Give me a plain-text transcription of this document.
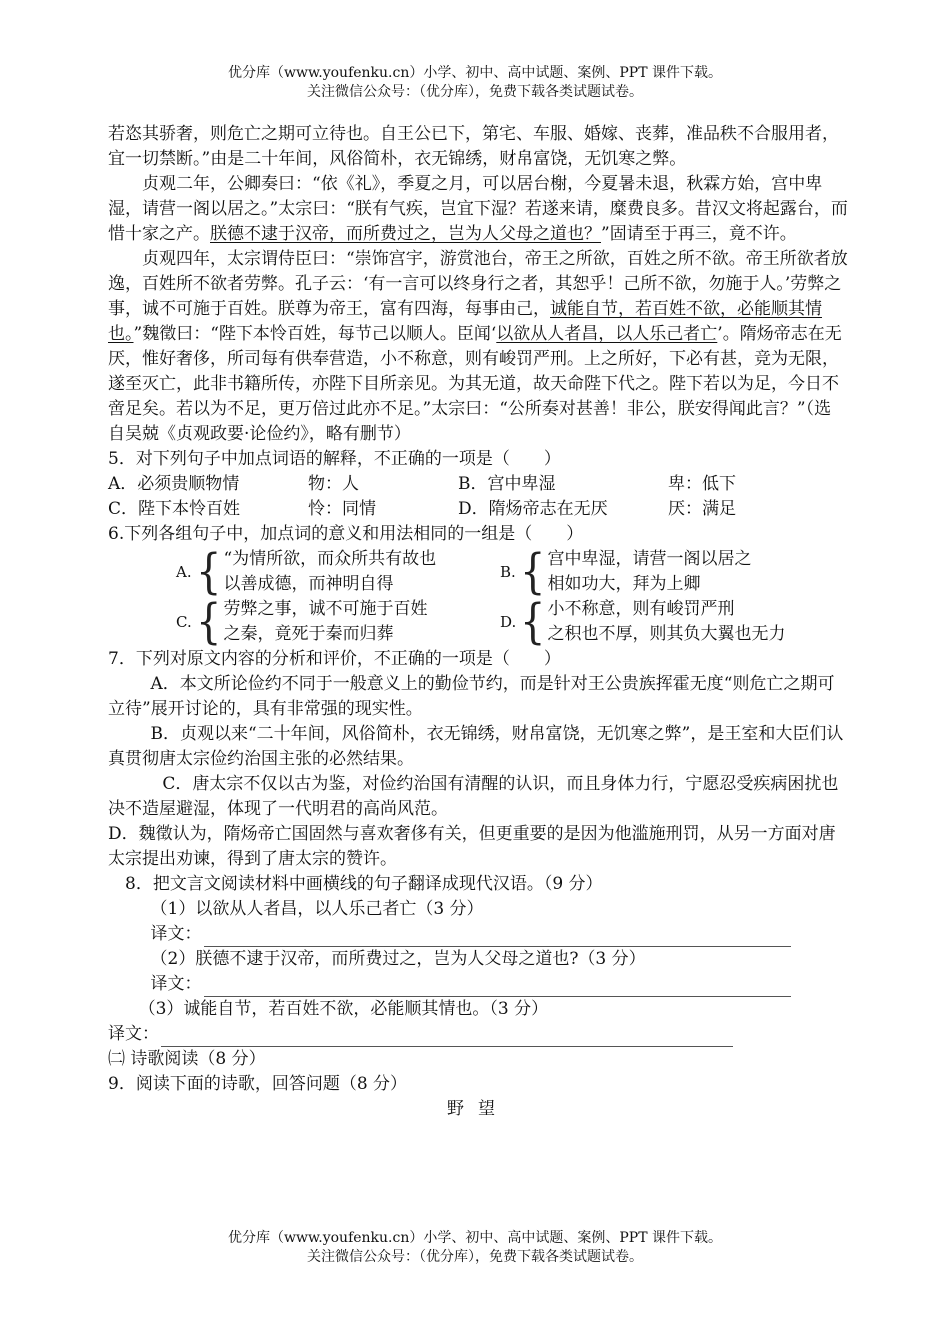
优分库（www.youfenku.cn）小学、初中、高中试题、案例、PPT 课件下载。
关注微信公众号：（优分库），免费下载各类试题试卷。

若恣其骄奢，则危亡之期可立待也。自王公已下，第宅、车服、婚嫁、丧葬，准品秩不合服用者，宜一切禁断。”由是二十年间，风俗简朴，衣无锦绣，财帛富饶，无饥寒之弊。

贞观二年，公卿奏曰：“依《礼》，季夏之月，可以居台榭，今夏暑未退，秋霖方始，宫中卑湿，请营一阁以居之。”太宗曰：“朕有气疾，岂宜下湿？若遂来请，糜费良多。昔汉文将起露台，而惜十家之产。朕德不逮于汉帝，而所费过之，岂为人父母之道也？”固请至于再三，竟不许。

贞观四年，太宗谓侍臣曰：“崇饰宫宇，游赏池台，帝王之所欲，百姓之所不欲。帝王所欲者放逸，百姓所不欲者劳弊。孔子云：‘有一言可以终身行之者，其恕乎！己所不欲，勿施于人。’劳弊之事，诚不可施于百姓。朕尊为帝王，富有四海，每事由己，诚能自节，若百姓不欲，必能顺其情也。”魏徵曰：“陛下本怜百姓，每节己以顺人。臣闻‘以欲从人者昌，以人乐己者亡’。隋炀帝志在无厌，惟好奢侈，所司每有供奉营造，小不称意，则有峻罚严刑。上之所好，下必有甚，竞为无限，遂至灭亡，此非书籍所传，亦陛下目所亲见。为其无道，故天命陛下代之。陛下若以为足，今日不啻足矣。若以为不足，更万倍过此亦不足。”太宗曰：“公所奏对甚善！非公，朕安得闻此言？”（选自吴兢《贞观政要·论俭约》，略有删节）

5．对下列句子中加点词语的解释，不正确的一项是（　　）

A．必须贵顺物情	物：人	B．宫中卑湿	卑：低下
C．陛下本怜百姓	怜：同情	D．隋炀帝志在无厌	厌：满足

6.下列各组句子中，加点词的意义和用法相同的一组是（　　）

A. { “为情所欲，而众所共有故也
以善成德，而神明自得
B. { 宫中卑湿，请营一阁以居之
相如功大，拜为上卿
C. { 劳弊之事，诚不可施于百姓
之秦，竟死于秦而归葬
D. { 小不称意，则有峻罚严刑
之积也不厚，则其负大翼也无力

7．下列对原文内容的分析和评价，不正确的一项是（　　）

A．本文所论俭约不同于一般意义上的勤俭节约，而是针对王公贵族挥霍无度“则危亡之期可立待”展开讨论的，具有非常强的现实性。

B．贞观以来“二十年间，风俗简朴，衣无锦绣，财帛富饶，无饥寒之弊”，是王室和大臣们认真贯彻唐太宗俭约治国主张的必然结果。

C．唐太宗不仅以古为鉴，对俭约治国有清醒的认识，而且身体力行，宁愿忍受疾病困扰也决不造屋避湿，体现了一代明君的高尚风范。

D．魏徵认为，隋炀帝亡国固然与喜欢奢侈有关，但更重要的是因为他滥施刑罚，从另一方面对唐太宗提出劝谏，得到了唐太宗的赞许。

8．把文言文阅读材料中画横线的句子翻译成现代汉语。（9 分）

（1）以欲从人者昌，以人乐己者亡（3 分）

译文：

（2）朕德不逮于汉帝，而所费过之，岂为人父母之道也?（3 分）

译文：

（3）诚能自节，若百姓不欲，必能顺其情也。（3 分）

译文：

㈡ 诗歌阅读（8 分）

9．阅读下面的诗歌，回答问题（8 分）

野望

优分库（www.youfenku.cn）小学、初中、高中试题、案例、PPT 课件下载。
关注微信公众号：（优分库），免费下载各类试题试卷。
